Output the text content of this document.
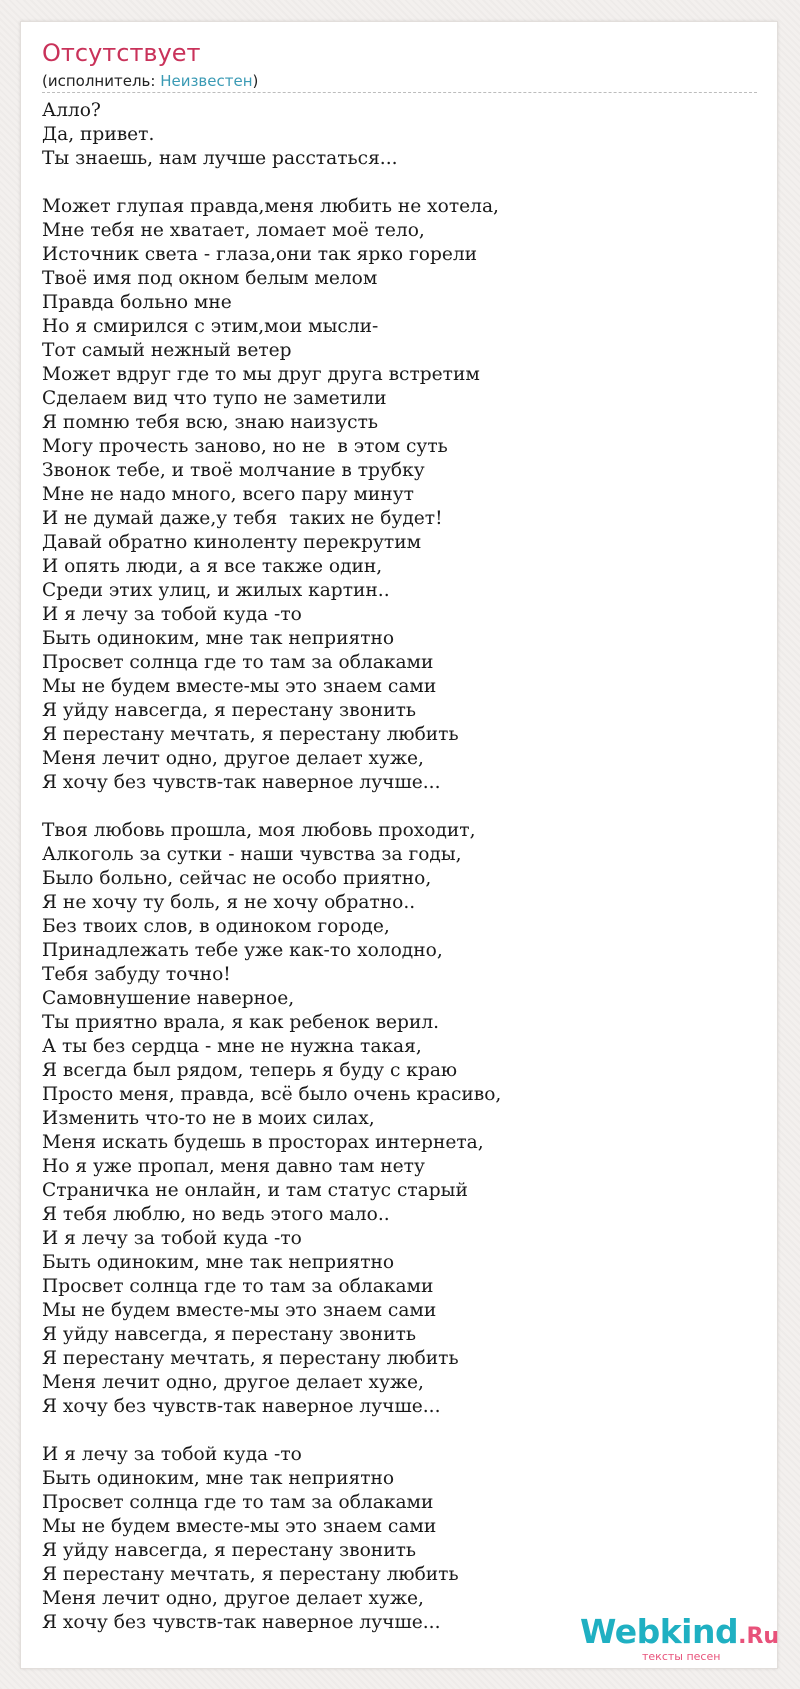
Отсутствует
(исполнитель: Неизвестен)
Алло?
Да, привет.
Ты знаешь, нам лучше расстаться...
Может глупая правда,меня любить не хотела,
Мне тебя не хватает, ломает моё тело,
Источник света - глаза,они так ярко горели
Твоё имя под окном белым мелом
Правда больно мне
Но я смирился с этим,мои мысли-
Тот самый нежный ветер
Может вдруг где то мы друг друга встретим
Сделаем вид что тупо не заметили
Я помню тебя всю, знаю наизусть
Могу прочесть заново, но не  в этом суть
Звонок тебе, и твоё молчание в трубку
Мне не надо много, всего пару минут
И не думай даже,у тебя  таких не будет!
Давай обратно киноленту перекрутим
И опять люди, а я все также один,
Среди этих улиц, и жилых картин..
И я лечу за тобой куда -то
Быть одиноким, мне так неприятно
Просвет солнца где то там за облаками
Мы не будем вместе-мы это знаем сами
Я уйду навсегда, я перестану звонить
Я перестану мечтать, я перестану любить
Меня лечит одно, другое делает хуже,
Я хочу без чувств-так наверное лучше...
Твоя любовь прошла, моя любовь проходит,
Алкоголь за сутки - наши чувства за годы,
Было больно, сейчас не особо приятно,
Я не хочу ту боль, я не хочу обратно..
Без твоих слов, в одиноком городе,
Принадлежать тебе уже как-то холодно,
Тебя забуду точно!
Самовнушение наверное,
Ты приятно врала, я как ребенок верил.
А ты без сердца - мне не нужна такая,
Я всегда был рядом, теперь я буду с краю
Просто меня, правда, всё было очень красиво,
Изменить что-то не в моих силах,
Меня искать будешь в просторах интернета,
Но я уже пропал, меня давно там нету
Страничка не онлайн, и там статус старый
Я тебя люблю, но ведь этого мало..
И я лечу за тобой куда -то
Быть одиноким, мне так неприятно
Просвет солнца где то там за облаками
Мы не будем вместе-мы это знаем сами
Я уйду навсегда, я перестану звонить
Я перестану мечтать, я перестану любить
Меня лечит одно, другое делает хуже,
Я хочу без чувств-так наверное лучше...
И я лечу за тобой куда -то
Быть одиноким, мне так неприятно
Просвет солнца где то там за облаками
Мы не будем вместе-мы это знаем сами
Я уйду навсегда, я перестану звонить
Я перестану мечтать, я перестану любить
Меня лечит одно, другое делает хуже,
Я хочу без чувств-так наверное лучше...	Webkind.Ru
тексты песен
